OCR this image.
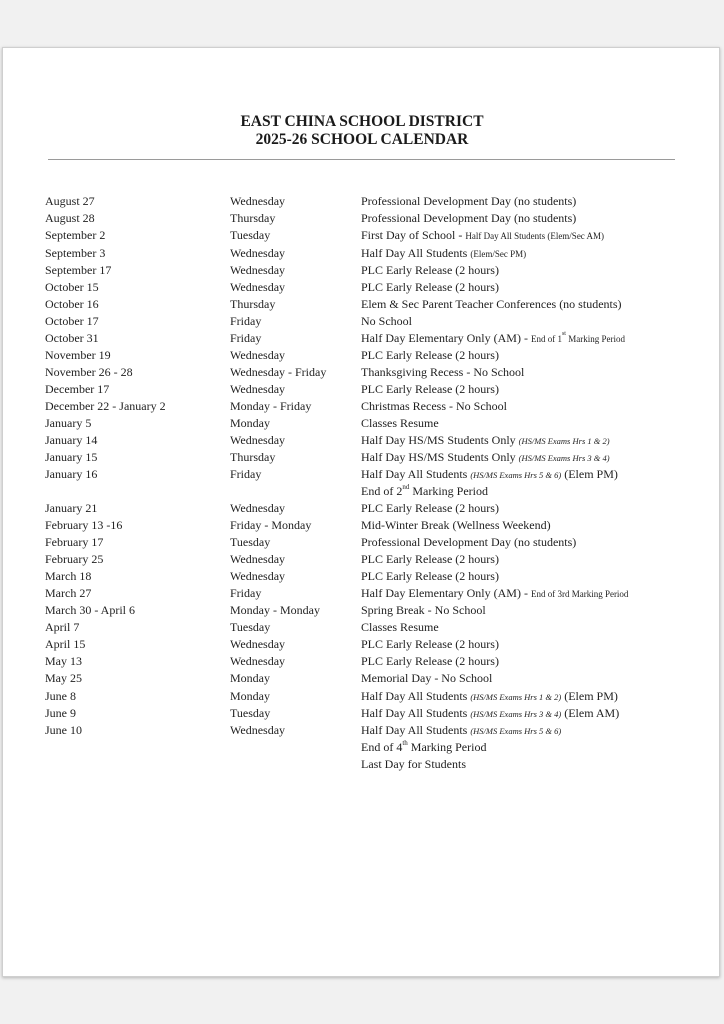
EAST CHINA SCHOOL DISTRICT
2025-26 SCHOOL CALENDAR
August 27	Wednesday	Professional Development Day (no students)
August 28	Thursday	Professional Development Day (no students)
September 2	Tuesday	First Day of School - Half Day All Students (Elem/Sec AM)
September 3	Wednesday	Half Day All Students (Elem/Sec PM)
September 17	Wednesday	PLC Early Release (2 hours)
October 15	Wednesday	PLC Early Release (2 hours)
October 16	Thursday	Elem & Sec Parent Teacher Conferences (no students)
October 17	Friday	No School
October 31	Friday	Half Day Elementary Only (AM) - End of 1st Marking Period
November 19	Wednesday	PLC Early Release (2 hours)
November 26 - 28	Wednesday - Friday	Thanksgiving Recess - No School
December 17	Wednesday	PLC Early Release (2 hours)
December 22 - January 2	Monday - Friday	Christmas Recess - No School
January 5	Monday	Classes Resume
January 14	Wednesday	Half Day HS/MS Students Only (HS/MS Exams Hrs 1 & 2)
January 15	Thursday	Half Day HS/MS Students Only (HS/MS Exams Hrs 3 & 4)
January 16	Friday	Half Day All Students (HS/MS Exams Hrs 5 & 6) (Elem PM)
End of 2nd Marking Period
January 21	Wednesday	PLC Early Release (2 hours)
February 13 -16	Friday - Monday	Mid-Winter Break (Wellness Weekend)
February 17	Tuesday	Professional Development Day (no students)
February 25	Wednesday	PLC Early Release (2 hours)
March 18	Wednesday	PLC Early Release (2 hours)
March 27	Friday	Half Day Elementary Only (AM) - End of 3rd Marking Period
March 30 - April 6	Monday - Monday	Spring Break - No School
April 7	Tuesday	Classes Resume
April 15	Wednesday	PLC Early Release (2 hours)
May 13	Wednesday	PLC Early Release (2 hours)
May 25	Monday	Memorial Day - No School
June 8	Monday	Half Day All Students (HS/MS Exams Hrs 1 & 2) (Elem PM)
June 9	Tuesday	Half Day All Students (HS/MS Exams Hrs 3 & 4) (Elem AM)
June 10	Wednesday	Half Day All Students (HS/MS Exams Hrs 5 & 6)
End of 4th Marking Period
Last Day for Students
